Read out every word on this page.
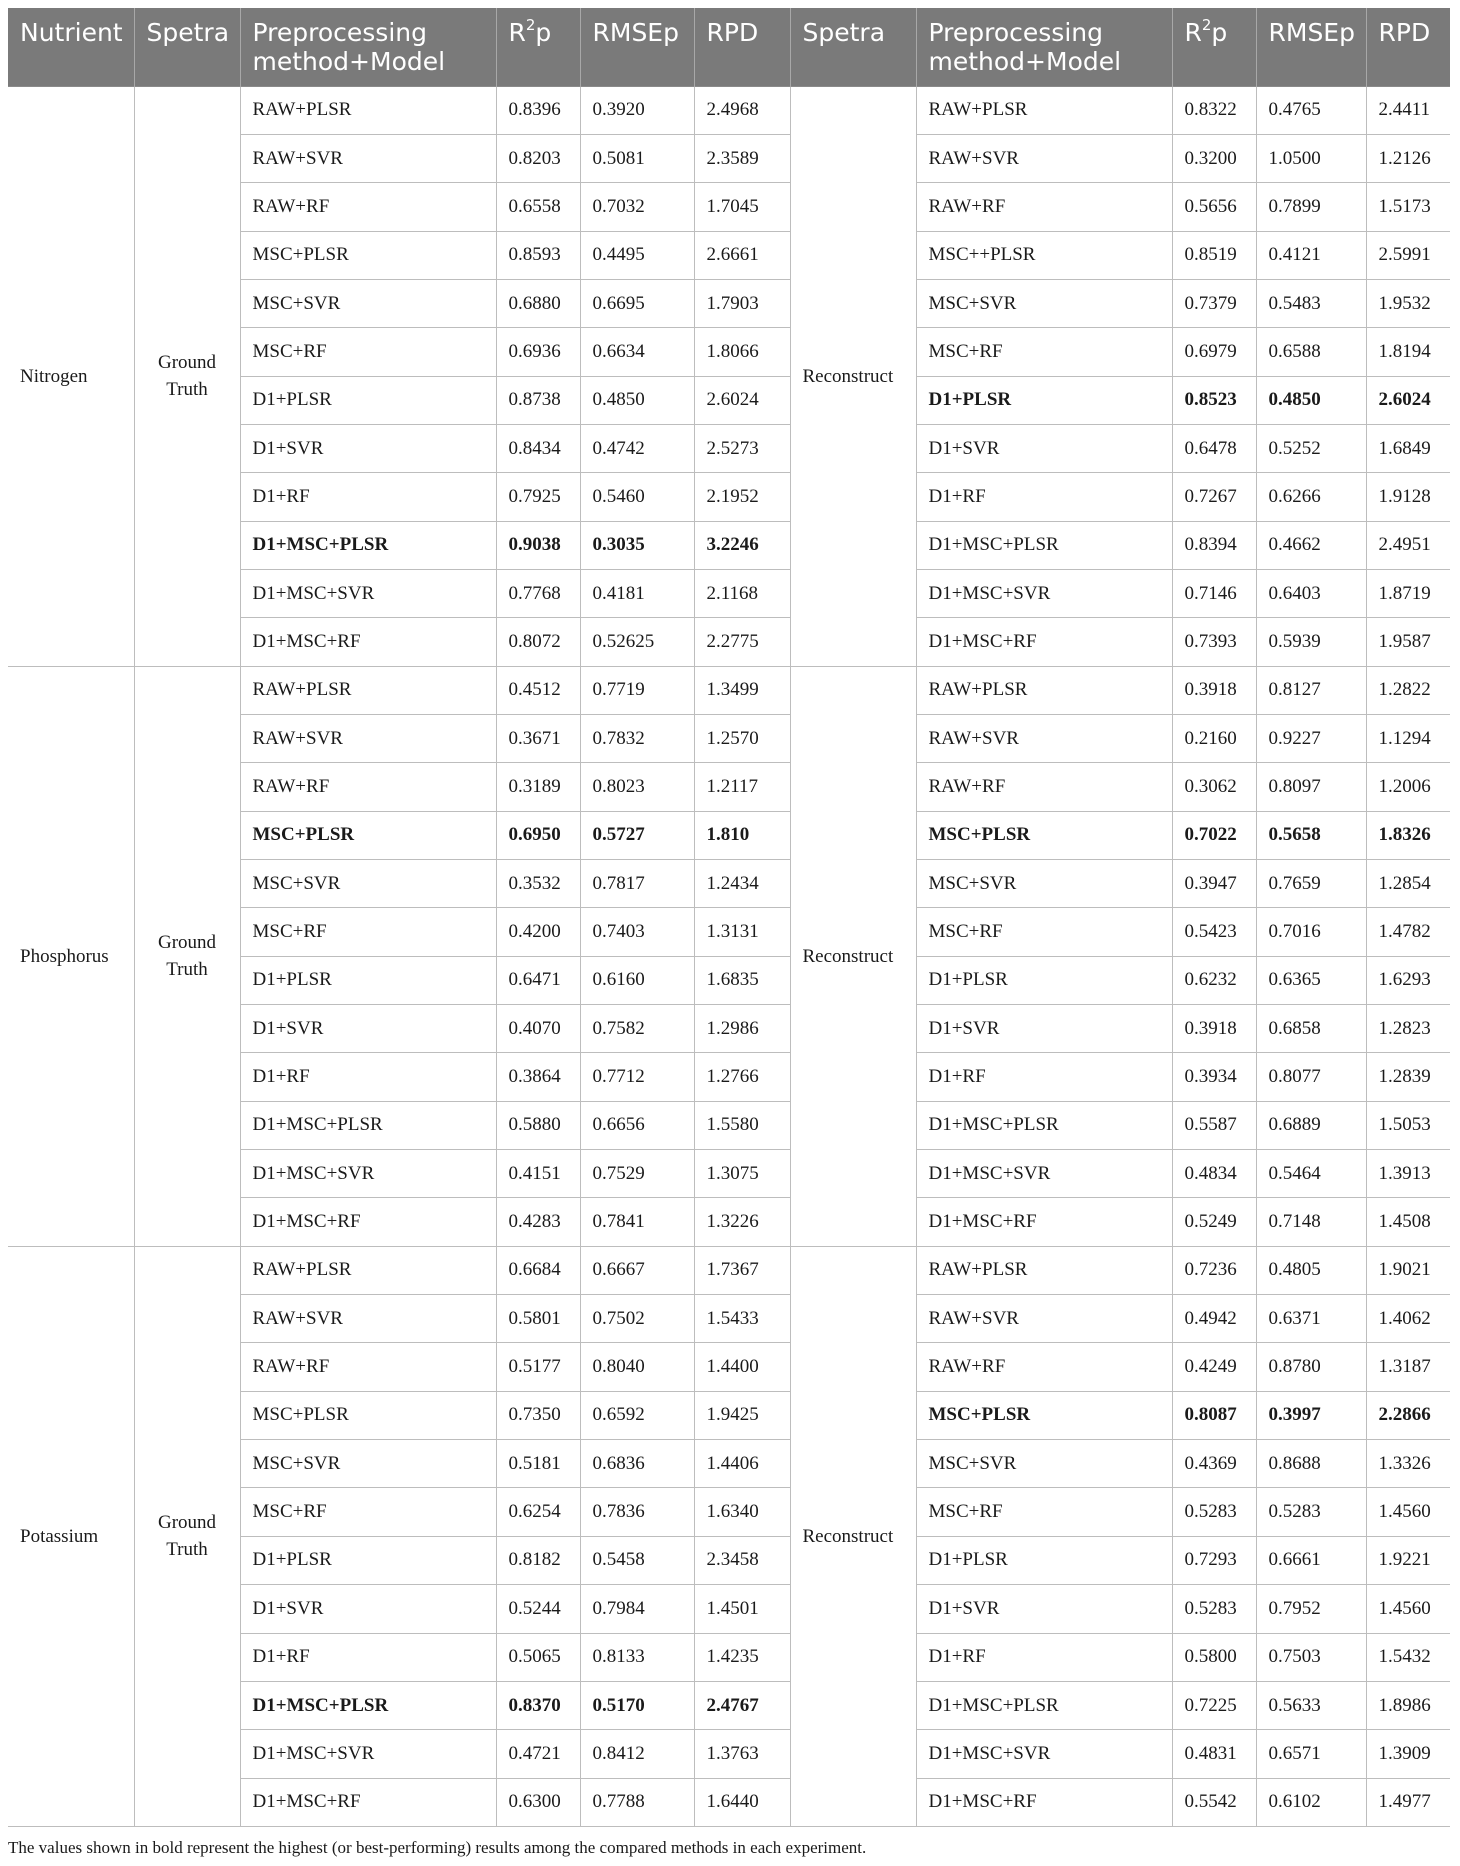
Nutrient	Spetra	Preprocessing method+Model	$R^2p$	RMSEp	RPD	Spetra	Preprocessing method+Model	$R^2p$	RMSEp	RPD
Nitrogen	Ground Truth	RAW+PLSR	0.8396	0.3920	2.4968	Reconstruct	RAW+PLSR	0.8322	0.4765	2.4411
		RAW+SVR	0.8203	0.5081	2.3589		RAW+SVR	0.3200	1.0500	1.2126
		RAW+RF	0.6558	0.7032	1.7045		RAW+RF	0.5656	0.7899	1.5173
		MSC+PLSR	0.8593	0.4495	2.6661		MSC++PLSR	0.8519	0.4121	2.5991
		MSC+SVR	0.6880	0.6695	1.7903		MSC+SVR	0.7379	0.5483	1.9532
		MSC+RF	0.6936	0.6634	1.8066		MSC+RF	0.6979	0.6588	1.8194
		D1+PLSR	0.8738	0.4850	2.6024		D1+PLSR	0.8523	0.4850	2.6024
		D1+SVR	0.8434	0.4742	2.5273		D1+SVR	0.6478	0.5252	1.6849
		D1+RF	0.7925	0.5460	2.1952		D1+RF	0.7267	0.6266	1.9128
		D1+MSC+PLSR	0.9038	0.3035	3.2246		D1+MSC+PLSR	0.8394	0.4662	2.4951
		D1+MSC+SVR	0.7768	0.4181	2.1168		D1+MSC+SVR	0.7146	0.6403	1.8719
		D1+MSC+RF	0.8072	0.52625	2.2775		D1+MSC+RF	0.7393	0.5939	1.9587
Phosphorus	Ground Truth	RAW+PLSR	0.4512	0.7719	1.3499	Reconstruct	RAW+PLSR	0.3918	0.8127	1.2822
		RAW+SVR	0.3671	0.7832	1.2570		RAW+SVR	0.2160	0.9227	1.1294
		RAW+RF	0.3189	0.8023	1.2117		RAW+RF	0.3062	0.8097	1.2006
		MSC+PLSR	0.6950	0.5727	1.810		MSC+PLSR	0.7022	0.5658	1.8326
		MSC+SVR	0.3532	0.7817	1.2434		MSC+SVR	0.3947	0.7659	1.2854
		MSC+RF	0.4200	0.7403	1.3131		MSC+RF	0.5423	0.7016	1.4782
		D1+PLSR	0.6471	0.6160	1.6835		D1+PLSR	0.6232	0.6365	1.6293
		D1+SVR	0.4070	0.7582	1.2986		D1+SVR	0.3918	0.6858	1.2823
		D1+RF	0.3864	0.7712	1.2766		D1+RF	0.3934	0.8077	1.2839
		D1+MSC+PLSR	0.5880	0.6656	1.5580		D1+MSC+PLSR	0.5587	0.6889	1.5053
		D1+MSC+SVR	0.4151	0.7529	1.3075		D1+MSC+SVR	0.4834	0.5464	1.3913
		D1+MSC+RF	0.4283	0.7841	1.3226		D1+MSC+RF	0.5249	0.7148	1.4508
Potassium	Ground Truth	RAW+PLSR	0.6684	0.6667	1.7367	Reconstruct	RAW+PLSR	0.7236	0.4805	1.9021
		RAW+SVR	0.5801	0.7502	1.5433		RAW+SVR	0.4942	0.6371	1.4062
		RAW+RF	0.5177	0.8040	1.4400		RAW+RF	0.4249	0.8780	1.3187
		MSC+PLSR	0.7350	0.6592	1.9425		MSC+PLSR	0.8087	0.3997	2.2866
		MSC+SVR	0.5181	0.6836	1.4406		MSC+SVR	0.4369	0.8688	1.3326
		MSC+RF	0.6254	0.7836	1.6340		MSC+RF	0.5283	0.5283	1.4560
		D1+PLSR	0.8182	0.5458	2.3458		D1+PLSR	0.7293	0.6661	1.9221
		D1+SVR	0.5244	0.7984	1.4501		D1+SVR	0.5283	0.7952	1.4560
		D1+RF	0.5065	0.8133	1.4235		D1+RF	0.5800	0.7503	1.5432
		D1+MSC+PLSR	0.8370	0.5170	2.4767		D1+MSC+PLSR	0.7225	0.5633	1.8986
		D1+MSC+SVR	0.4721	0.8412	1.3763		D1+MSC+SVR	0.4831	0.6571	1.3909
		D1+MSC+RF	0.6300	0.7788	1.6440		D1+MSC+RF	0.5542	0.6102	1.4977

The values shown in bold represent the highest (or best-performing) results among the compared methods in each experiment.
